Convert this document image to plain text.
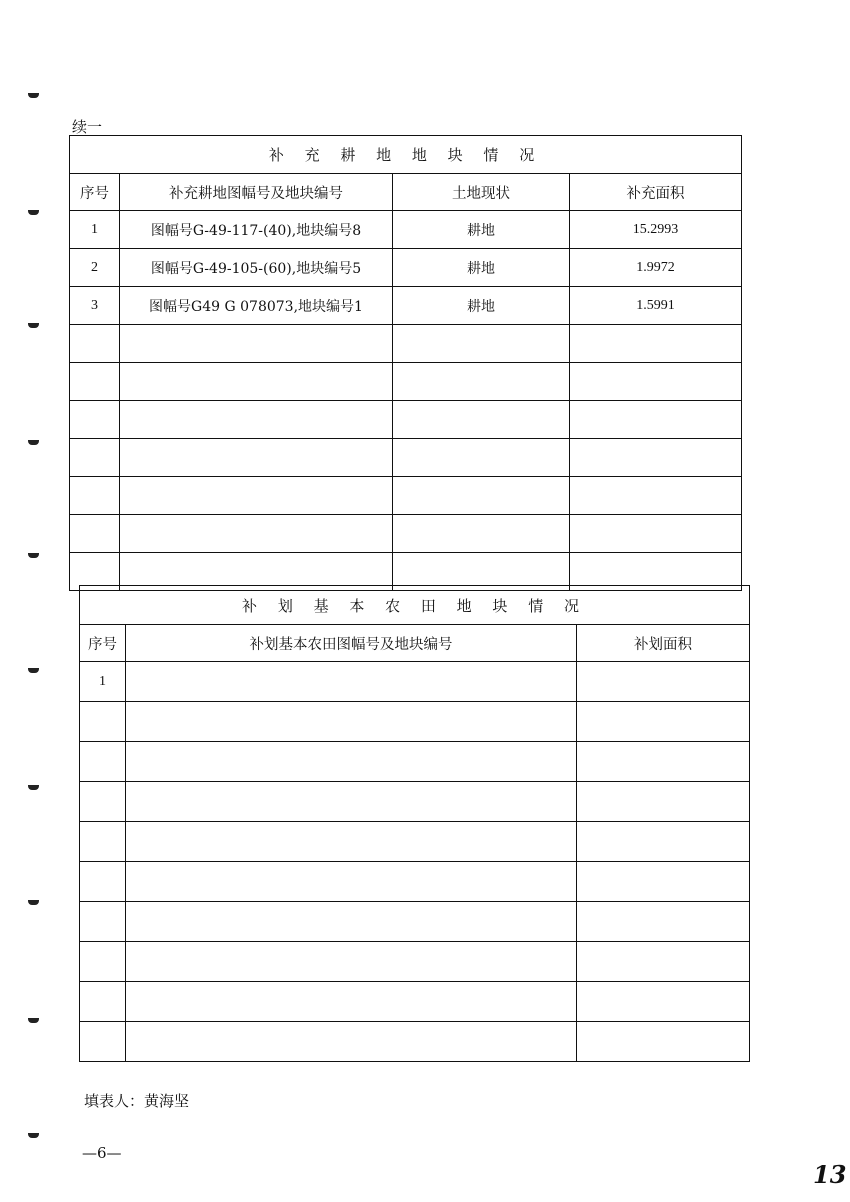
续一
补 充 耕 地 地 块 情 况			
序号	补充耕地图幅号及地块编号	土地现状	补充面积
1	图幅号G-49-117-(40),地块编号8	耕地	15.2993
2	图幅号G-49-105-(60),地块编号5	耕地	1.9972
3	图幅号G49 G 078073,地块编号1	耕地	1.5991

补 划 基 本 农 田 地 块 情 况		
序号	补划基本农田图幅号及地块编号	补划面积
1		

填表人：黄海坚
—6—
13
